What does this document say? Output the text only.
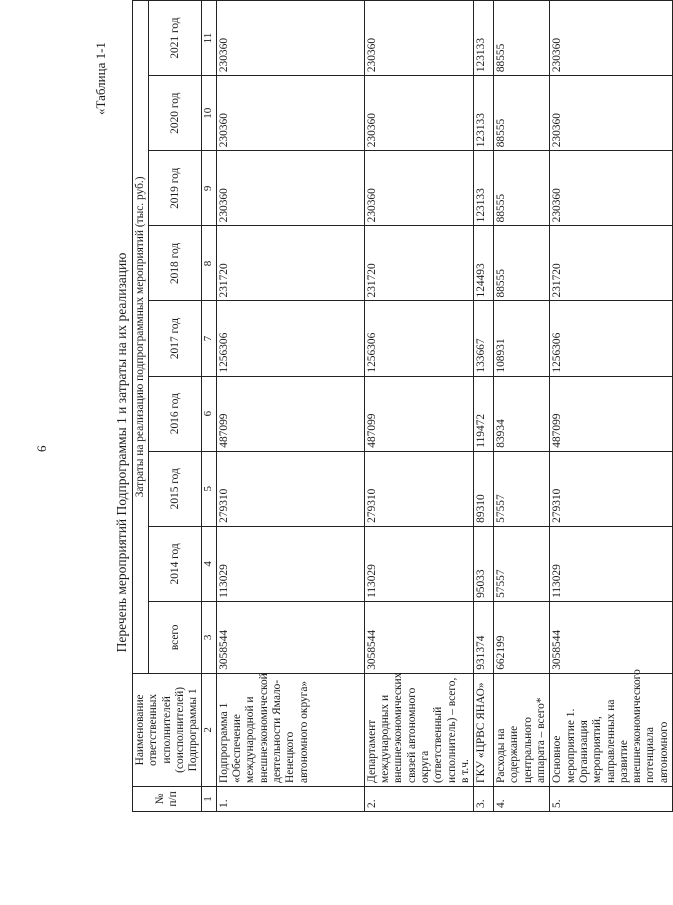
6
«Таблица 1-1
Перечень мероприятий Подпрограммы 1 и затраты на их реализацию
№ п/п	Наименование ответственных исполнителей (соисполнителей) Подпрограммы 1	Затраты на реализацию подпрограммных мероприятий (тыс. руб.)								
		всего	2014 год	2015 год	2016 год	2017 год	2018 год	2019 год	2020 год	2021 год
1	2	3	4	5	6	7	8	9	10	11
1.	Подпрограмма 1 «Обеспечение международной и внешнеэкономической деятельности Ямало-Ненецкого автономного округа»	3058544	113029	279310	487099	1256306	231720	230360	230360	230360
2.	Департамент международных и внешнеэкономических связей автономного округа (ответственный исполнитель) – всего, в т.ч.	3058544	113029	279310	487099	1256306	231720	230360	230360	230360
3.	ГКУ «ЦРВС ЯНАО»	931374	95033	89310	119472	133667	124493	123133	123133	123133
4.	Расходы на содержание центрального аппарата – всего*	662199	57557	57557	83934	108931	88555	88555	88555	88555
5.	Основное мероприятие 1. Организация мероприятий, направленных на развитие внешнеэкономического потенциала автономного	3058544	113029	279310	487099	1256306	231720	230360	230360	230360
